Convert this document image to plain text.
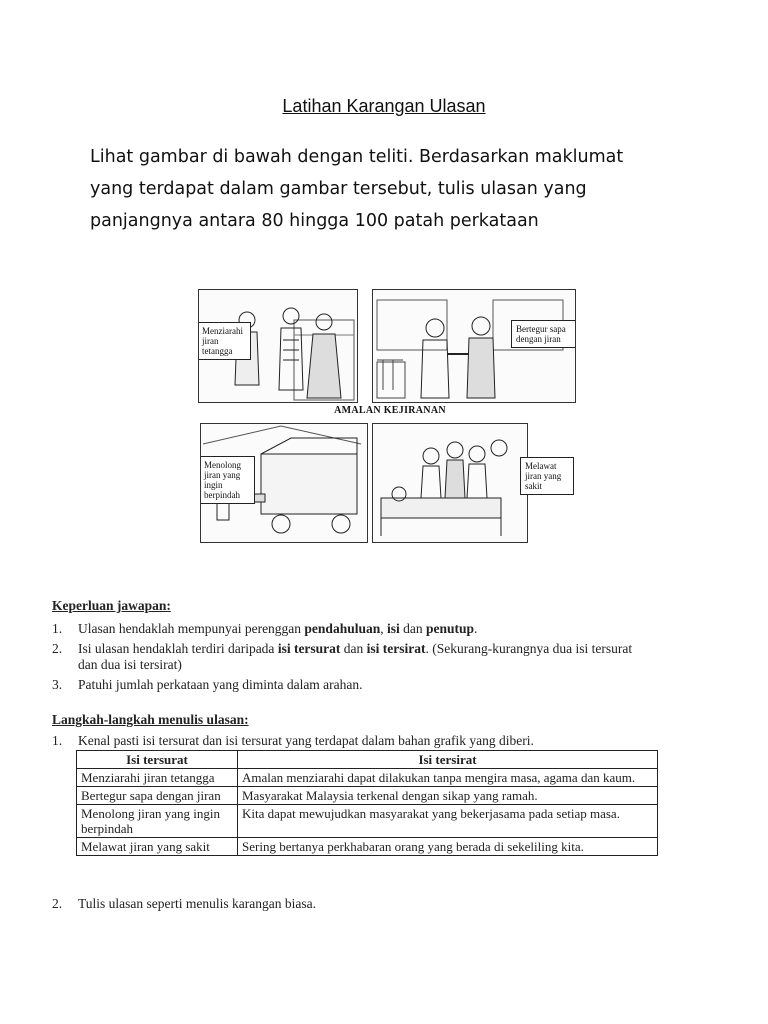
Latihan Karangan Ulasan
Lihat gambar di bawah dengan teliti. Berdasarkan maklumat
yang terdapat dalam gambar tersebut, tulis ulasan yang
panjangnya antara 80 hingga 100 patah perkataan
Menziarahi jiran tetangga
Bertegur sapa dengan jiran
AMALAN KEJIRANAN
Menolong jiran yang ingin berpindah
Melawat jiran yang sakit
Keperluan jawapan:
1.	Ulasan hendaklah mempunyai perenggan pendahuluan, isi dan penutup.
2.	Isi ulasan hendaklah terdiri daripada isi tersurat dan isi tersirat. (Sekurang-kurangnya dua isi tersurat dan dua isi tersirat)
3.	Patuhi jumlah perkataan yang diminta dalam arahan.
Langkah-langkah menulis ulasan:
1.	Kenal pasti isi tersurat dan isi tersurat yang terdapat dalam bahan grafik yang diberi.
Isi tersurat	Isi tersirat
Menziarahi jiran tetangga	Amalan menziarahi dapat dilakukan tanpa mengira masa, agama dan kaum.
Bertegur sapa dengan jiran	Masyarakat Malaysia terkenal dengan sikap yang ramah.
Menolong jiran yang ingin berpindah	Kita dapat mewujudkan masyarakat yang bekerjasama pada setiap masa.
Melawat jiran yang sakit	Sering bertanya perkhabaran orang yang berada di sekeliling kita.
2.	Tulis ulasan seperti menulis karangan biasa.
